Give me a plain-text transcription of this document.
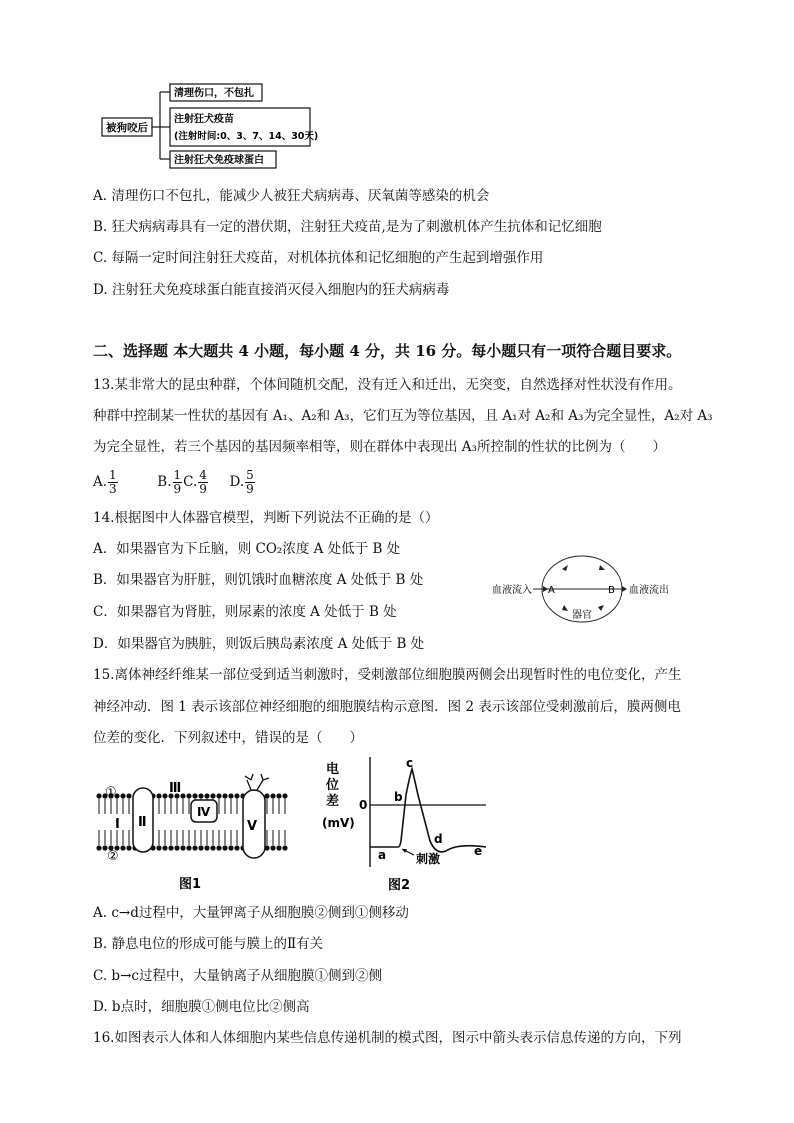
被狗咬后
清理伤口，不包扎
注射狂犬疫苗
(注射时间:0、3、7、14、30天)
注射狂犬免疫球蛋白
A. 清理伤口不包扎，能减少人被狂犬病病毒、厌氧菌等感染的机会
B. 狂犬病病毒具有一定的潜伏期，注射狂犬疫苗,是为了刺激机体产生抗体和记忆细胞
C. 每隔一定时间注射狂犬疫苗，对机体抗体和记忆细胞的产生起到增强作用
D. 注射狂犬免疫球蛋白能直接消灭侵入细胞内的狂犬病病毒
二、选择题 本大题共 4 小题，每小题 4 分，共 16 分。每小题只有一项符合题目要求。
13.某非常大的昆虫种群，个体间随机交配，没有迁入和迁出，无突变，自然选择对性状没有作用。
种群中控制某一性状的基因有 A₁、A₂和 A₃，它们互为等位基因，且 A₁对 A₂和 A₃为完全显性，A₂对 A₃
为完全显性，若三个基因的基因频率相等，则在群体中表现出 A₃所控制的性状的比例为（　　）
A. $\frac{1}{3}$	B. $\frac{1}{9} C$. $\frac{4}{9} D$. $\frac{5}{9}$
14.根据图中人体器官模型，判断下列说法不正确的是（）
A．如果器官为下丘脑，则 CO₂浓度 A 处低于 B 处
B．如果器官为肝脏，则饥饿时血糖浓度 A 处低于 B 处
C．如果器官为肾脏，则尿素的浓度 A 处低于 B 处
D．如果器官为胰脏，则饭后胰岛素浓度 A 处低于 B 处
血液流入 A	B 血液流出
器官
15.离体神经纤维某一部位受到适当刺激时，受刺激部位细胞膜两侧会出现暂时性的电位变化，产生
神经冲动．图 1 表示该部位神经细胞的细胞膜结构示意图．图 2 表示该部位受刺激前后，膜两侧电
位差的变化．下列叙述中，错误的是（　　）
①
②
Ⅰ Ⅱ
Ⅲ
Ⅳ
Ⅴ
图1
电
位
差
(mV)
0
a
b
c
d
e
刺激
图2
A. c→d过程中，大量钾离子从细胞膜②侧到①侧移动
B. 静息电位的形成可能与膜上的Ⅱ有关
C. b→c过程中，大量钠离子从细胞膜①侧到②侧
D. b点时，细胞膜①侧电位比②侧高
16.如图表示人体和人体细胞内某些信息传递机制的模式图，图示中箭头表示信息传递的方向，下列
